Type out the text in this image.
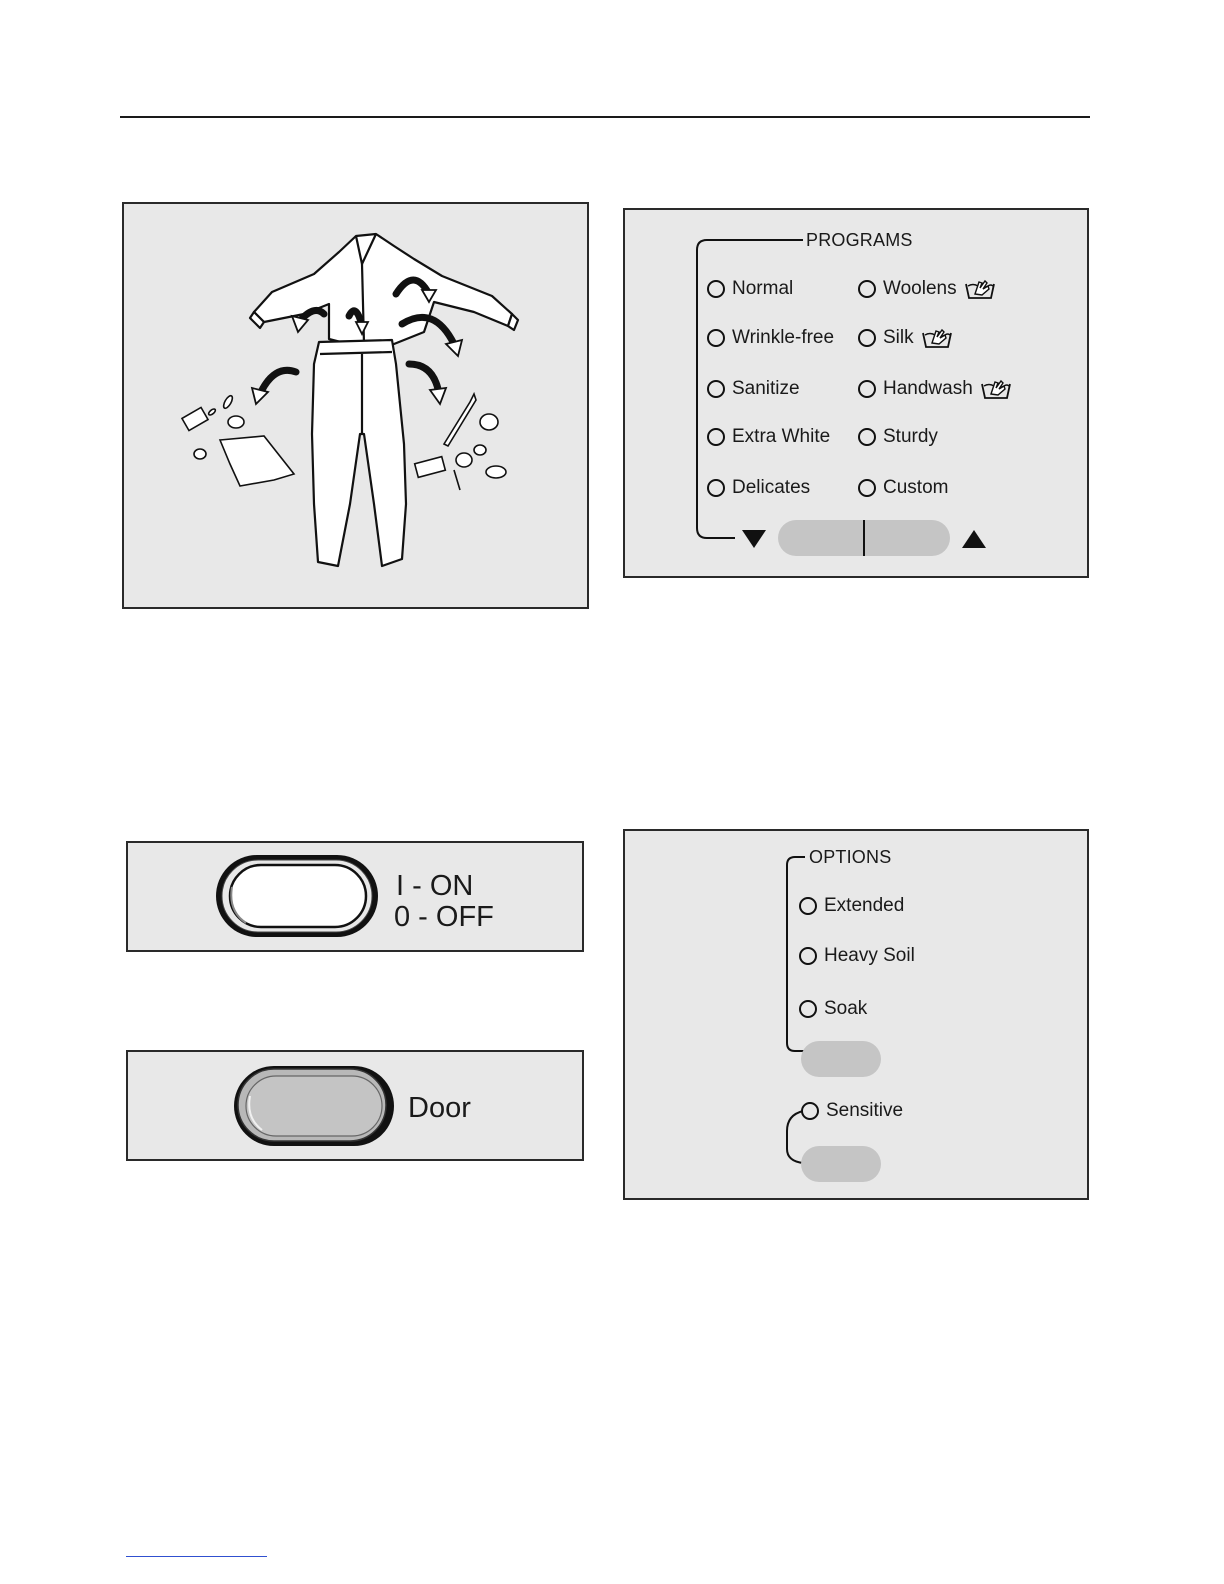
PROGRAMS
Normal
Wrinkle-free
Sanitize
Extra White
Delicates
Woolens
Silk
Handwash
Sturdy
Custom
I - ON
0 - OFF
Door
OPTIONS
Extended
Heavy Soil
Soak
Sensitive
